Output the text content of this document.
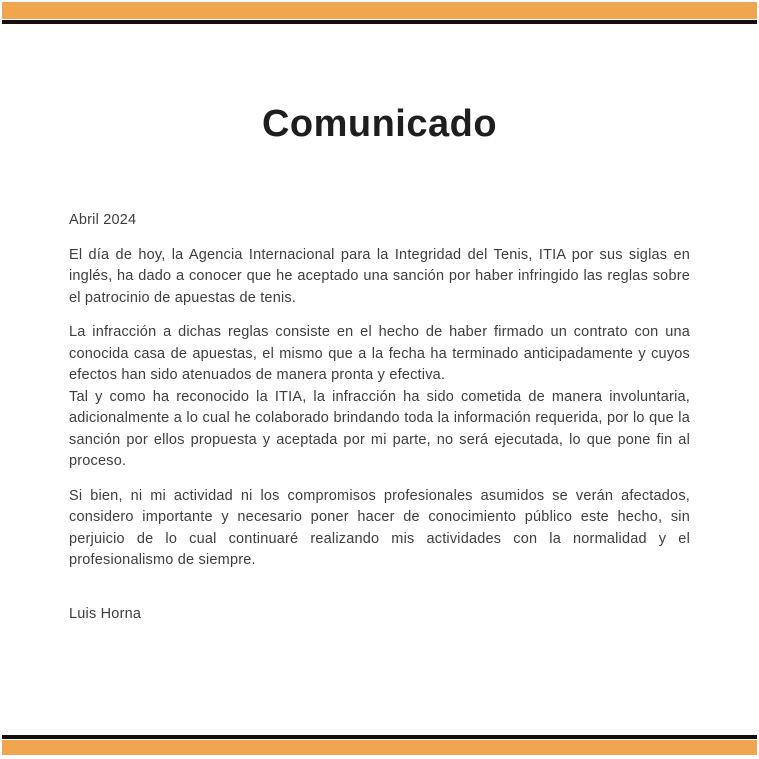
Comunicado

Abril 2024

El día de hoy, la Agencia Internacional para la Integridad del Tenis, ITIA por sus siglas en inglés, ha dado a conocer que he aceptado una sanción por haber infringido las reglas sobre el patrocinio de apuestas de tenis.

La infracción a dichas reglas consiste en el hecho de haber firmado un contrato con una conocida casa de apuestas, el mismo que a la fecha ha terminado anticipadamente y cuyos efectos han sido atenuados de manera pronta y efectiva.

Tal y como ha reconocido la ITIA, la infracción ha sido cometida de manera involuntaria, adicionalmente a lo cual he colaborado brindando toda la información requerida, por lo que la sanción por ellos propuesta y aceptada por mi parte, no será ejecutada, lo que pone fin al proceso.

Si bien, ni mi actividad ni los compromisos profesionales asumidos se verán afectados, considero importante y necesario poner hacer de conocimiento público este hecho, sin perjuicio de lo cual continuaré realizando mis actividades con la normalidad y el profesionalismo de siempre.

Luis Horna
